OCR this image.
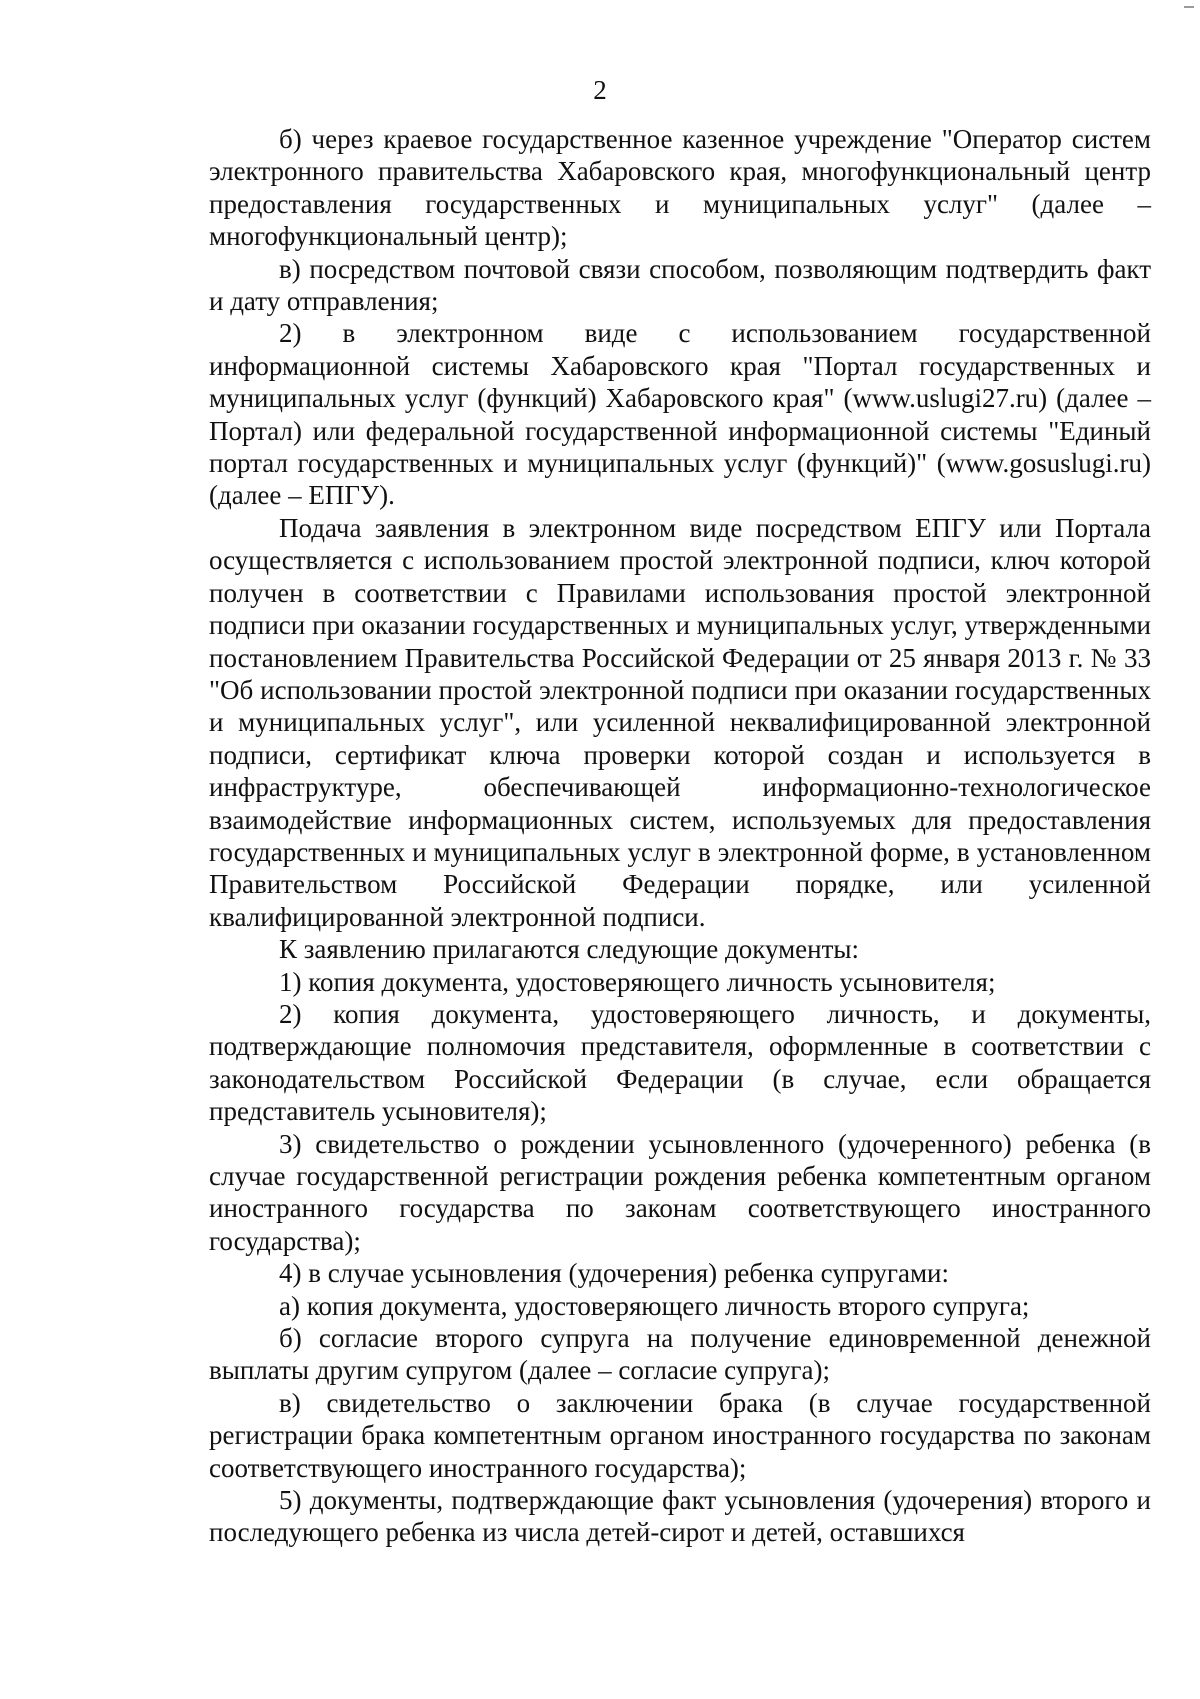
2

б) через краевое государственное казенное учреждение "Оператор систем электронного правительства Хабаровского края, многофункциональный центр предоставления государственных и муниципальных услуг" (далее – многофункциональный центр);

в) посредством почтовой связи способом, позволяющим подтвердить факт и дату отправления;

2) в электронном виде с использованием государственной информационной системы Хабаровского края "Портал государственных и муниципальных услуг (функций) Хабаровского края" (www.uslugi27.ru) (далее – Портал) или федеральной государственной информационной системы "Единый портал государственных и муниципальных услуг (функций)" (www.gosuslugi.ru) (далее – ЕПГУ).

Подача заявления в электронном виде посредством ЕПГУ или Портала осуществляется с использованием простой электронной подписи, ключ которой получен в соответствии с Правилами использования простой электронной подписи при оказании государственных и муниципальных услуг, утвержденными постановлением Правительства Российской Федерации от 25 января 2013 г. № 33 "Об использовании простой электронной подписи при оказании государственных и муниципальных услуг", или усиленной неквалифицированной электронной подписи, сертификат ключа проверки которой создан и используется в инфраструктуре, обеспечивающей информационно-технологическое взаимодействие информационных систем, используемых для предоставления государственных и муниципальных услуг в электронной форме, в установленном Правительством Российской Федерации порядке, или усиленной квалифицированной электронной подписи.

К заявлению прилагаются следующие документы:

1) копия документа, удостоверяющего личность усыновителя;

2) копия документа, удостоверяющего личность, и документы, подтверждающие полномочия представителя, оформленные в соответствии с законодательством Российской Федерации (в случае, если обращается представитель усыновителя);

3) свидетельство о рождении усыновленного (удочеренного) ребенка (в случае государственной регистрации рождения ребенка компетентным органом иностранного государства по законам соответствующего иностранного государства);

4) в случае усыновления (удочерения) ребенка супругами:

а) копия документа, удостоверяющего личность второго супруга;

б) согласие второго супруга на получение единовременной денежной выплаты другим супругом (далее – согласие супруга);

в) свидетельство о заключении брака (в случае государственной регистрации брака компетентным органом иностранного государства по законам соответствующего иностранного государства);

5) документы, подтверждающие факт усыновления (удочерения) второго и последующего ребенка из числа детей-сирот и детей, оставшихся
